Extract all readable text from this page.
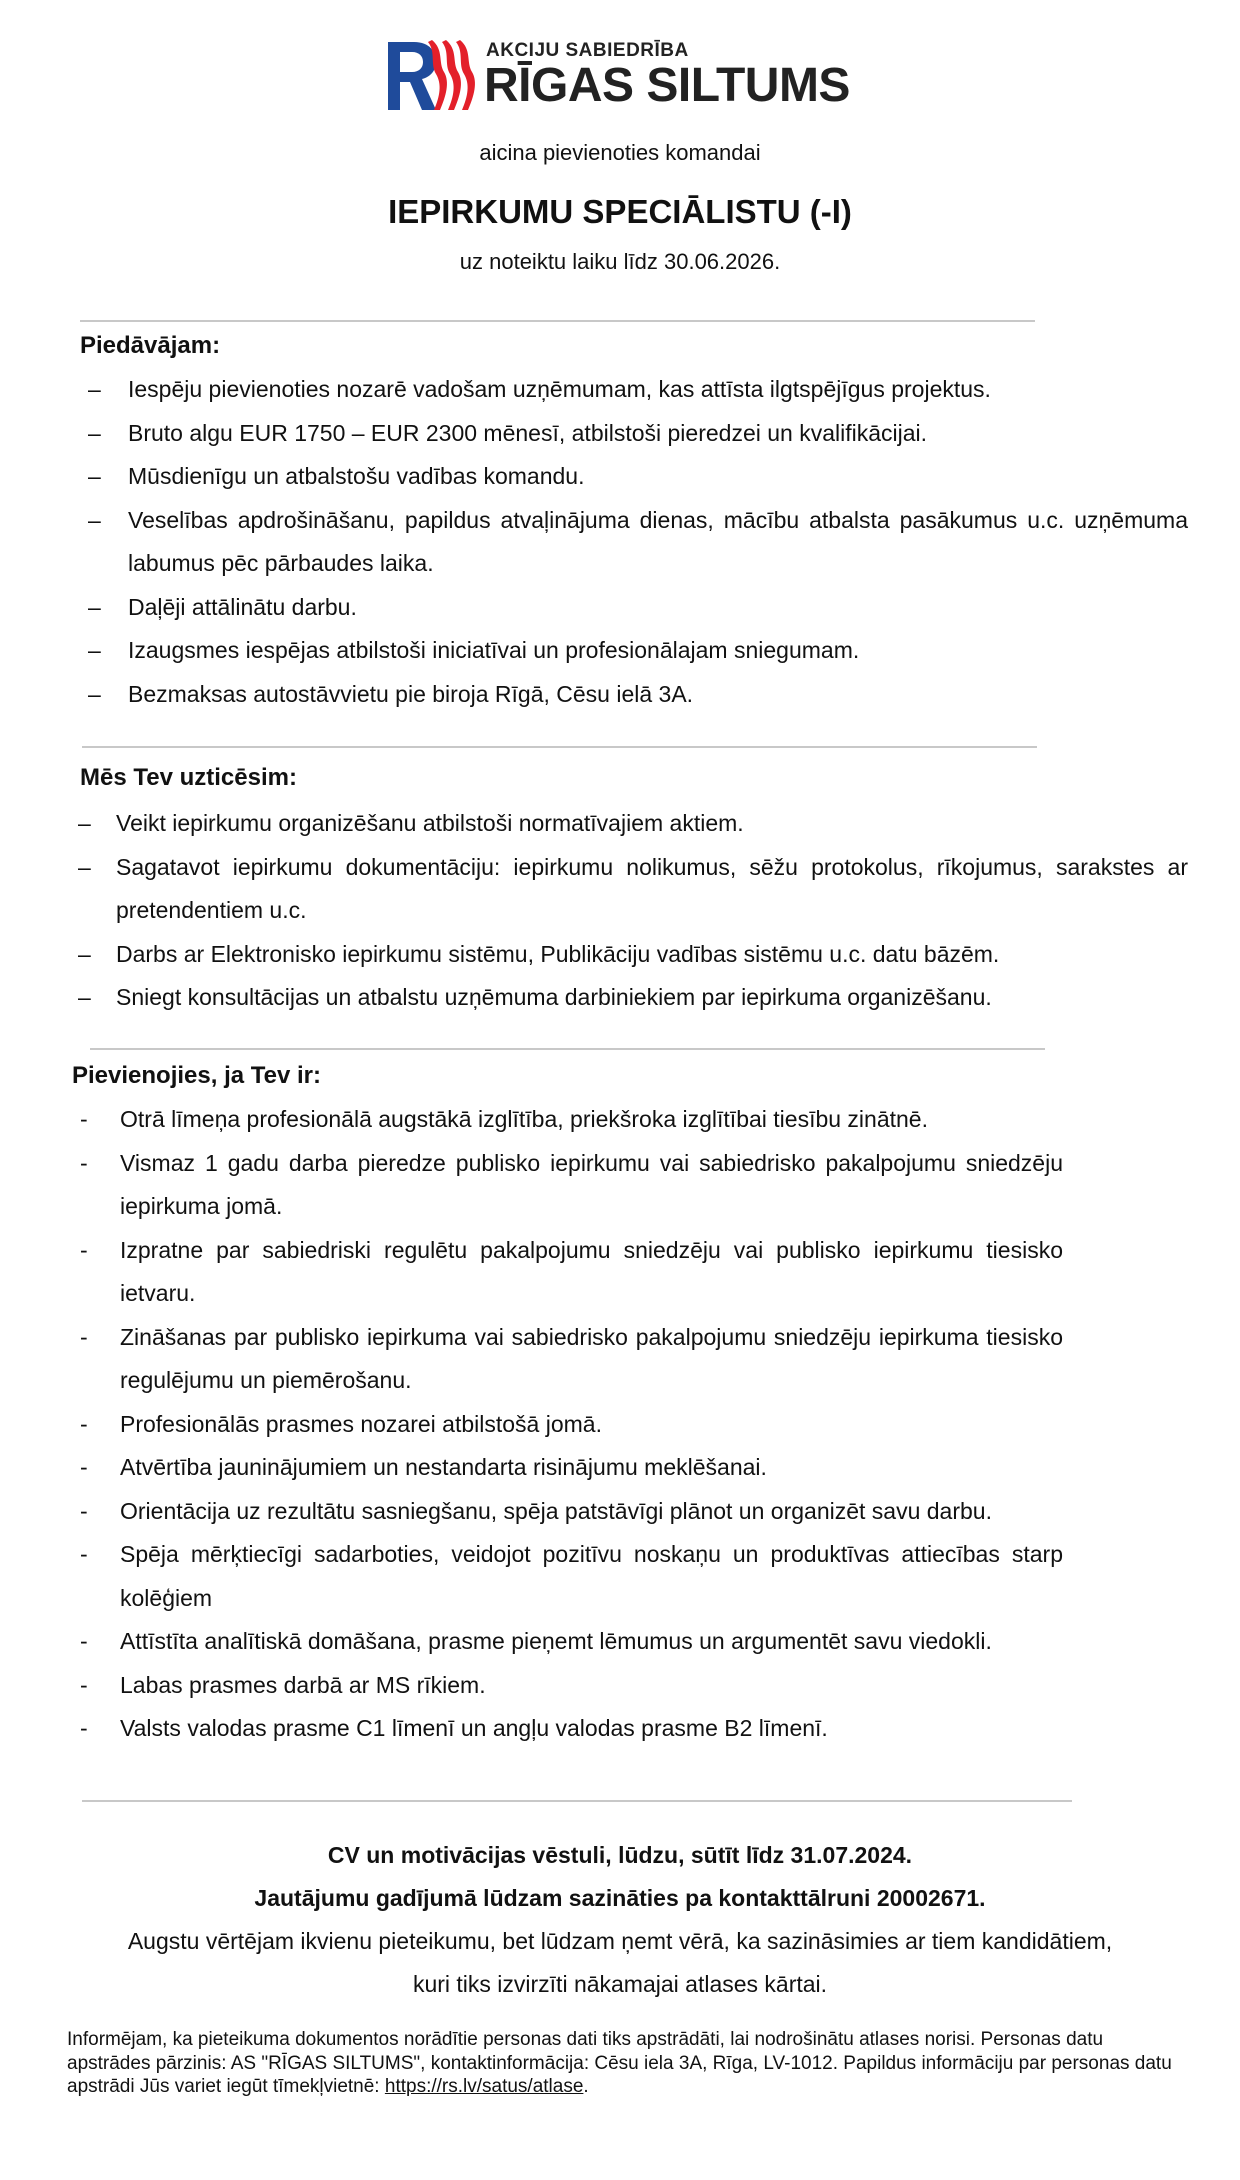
AKCIJU SABIEDRĪBA
RĪGAS SILTUMS
aicina pievienoties komandai
IEPIRKUMU SPECIĀLISTU (-I)
uz noteiktu laiku līdz 30.06.2026.
Piedāvājam:
– Iespēju pievienoties nozarē vadošam uzņēmumam, kas attīsta ilgtspējīgus projektus.
– Bruto algu EUR 1750 – EUR 2300 mēnesī, atbilstoši pieredzei un kvalifikācijai.
– Mūsdienīgu un atbalstošu vadības komandu.
– Veselības apdrošināšanu, papildus atvaļinājuma dienas, mācību atbalsta pasākumus u.c. uzņēmuma labumus pēc pārbaudes laika.
– Daļēji attālinātu darbu.
– Izaugsmes iespējas atbilstoši iniciatīvai un profesionālajam sniegumam.
– Bezmaksas autostāvvietu pie biroja Rīgā, Cēsu ielā 3A.
Mēs Tev uzticēsim:
– Veikt iepirkumu organizēšanu atbilstoši normatīvajiem aktiem.
– Sagatavot iepirkumu dokumentāciju: iepirkumu nolikumus, sēžu protokolus, rīkojumus, sarakstes ar pretendentiem u.c.
– Darbs ar Elektronisko iepirkumu sistēmu, Publikāciju vadības sistēmu u.c. datu bāzēm.
– Sniegt konsultācijas un atbalstu uzņēmuma darbiniekiem par iepirkuma organizēšanu.
Pievienojies, ja Tev ir:
- Otrā līmeņa profesionālā augstākā izglītība, priekšroka izglītībai tiesību zinātnē.
- Vismaz 1 gadu darba pieredze publisko iepirkumu vai sabiedrisko pakalpojumu sniedzēju iepirkuma jomā.
- Izpratne par sabiedriski regulētu pakalpojumu sniedzēju vai publisko iepirkumu tiesisko ietvaru.
- Zināšanas par publisko iepirkuma vai sabiedrisko pakalpojumu sniedzēju iepirkuma tiesisko regulējumu un piemērošanu.
- Profesionālās prasmes nozarei atbilstošā jomā.
- Atvērtība jauninājumiem un nestandarta risinājumu meklēšanai.
- Orientācija uz rezultātu sasniegšanu, spēja patstāvīgi plānot un organizēt savu darbu.
- Spēja mērķtiecīgi sadarboties, veidojot pozitīvu noskaņu un produktīvas attiecības starp kolēģiem
- Attīstīta analītiskā domāšana, prasme pieņemt lēmumus un argumentēt savu viedokli.
- Labas prasmes darbā ar MS rīkiem.
- Valsts valodas prasme C1 līmenī un angļu valodas prasme B2 līmenī.
CV un motivācijas vēstuli, lūdzu, sūtīt līdz 31.07.2024.
Jautājumu gadījumā lūdzam sazināties pa kontakttālruni 20002671.
Augstu vērtējam ikvienu pieteikumu, bet lūdzam ņemt vērā, ka sazināsimies ar tiem kandidātiem, kuri tiks izvirzīti nākamajai atlases kārtai.
Informējam, ka pieteikuma dokumentos norādītie personas dati tiks apstrādāti, lai nodrošinātu atlases norisi. Personas datu apstrādes pārzinis: AS "RĪGAS SILTUMS", kontaktinformācija: Cēsu iela 3A, Rīga, LV-1012. Papildus informāciju par personas datu apstrādi Jūs variet iegūt tīmekļvietnē: https://rs.lv/satus/atlase.
